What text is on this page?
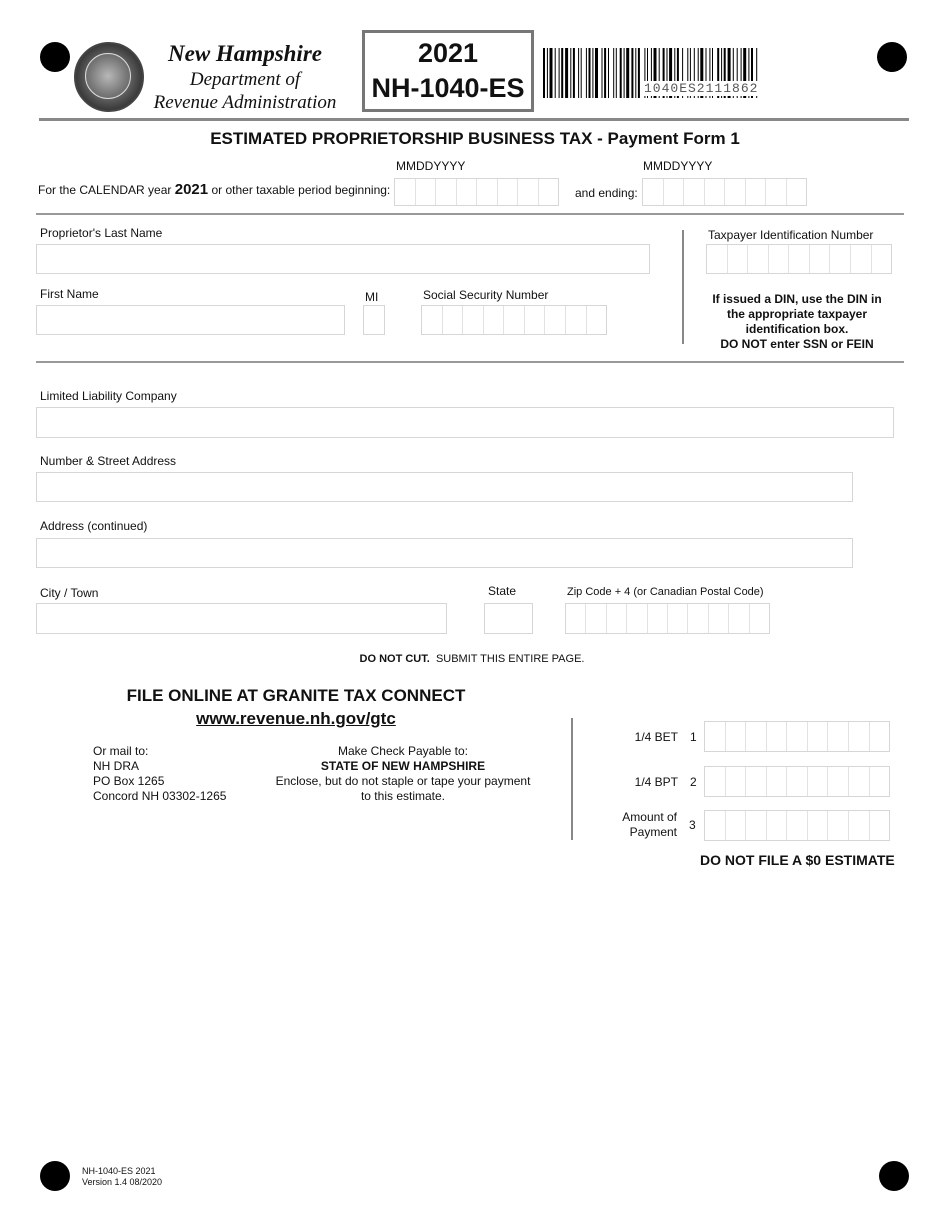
New Hampshire
Department of
Revenue Administration
2021
NH-1040-ES	1040ES2111862
ESTIMATED PROPRIETORSHIP BUSINESS TAX - Payment Form 1
MMDDYYYY	MMDDYYYY
For the CALENDAR year 2021 or other taxable period beginning:	and ending:
Proprietor's Last Name
First Name	MI	Social Security Number
Taxpayer Identification Number
If issued a DIN, use the DIN in
the appropriate taxpayer
identification box.
DO NOT enter SSN or FEIN
Limited Liability Company
Number & Street Address
Address (continued)
City / Town	State	Zip Code + 4 (or Canadian Postal Code)
DO NOT CUT. SUBMIT THIS ENTIRE PAGE.
FILE ONLINE AT GRANITE TAX CONNECT
www.revenue.nh.gov/gtc
Or mail to:
NH DRA
PO Box 1265
Concord NH 03302-1265
Make Check Payable to:
STATE OF NEW HAMPSHIRE
Enclose, but do not staple or tape your payment
to this estimate.
1/4 BET 1
1/4 BPT 2
Amount of
Payment 3
DO NOT FILE A $0 ESTIMATE
NH-1040-ES 2021
Version 1.4 08/2020
